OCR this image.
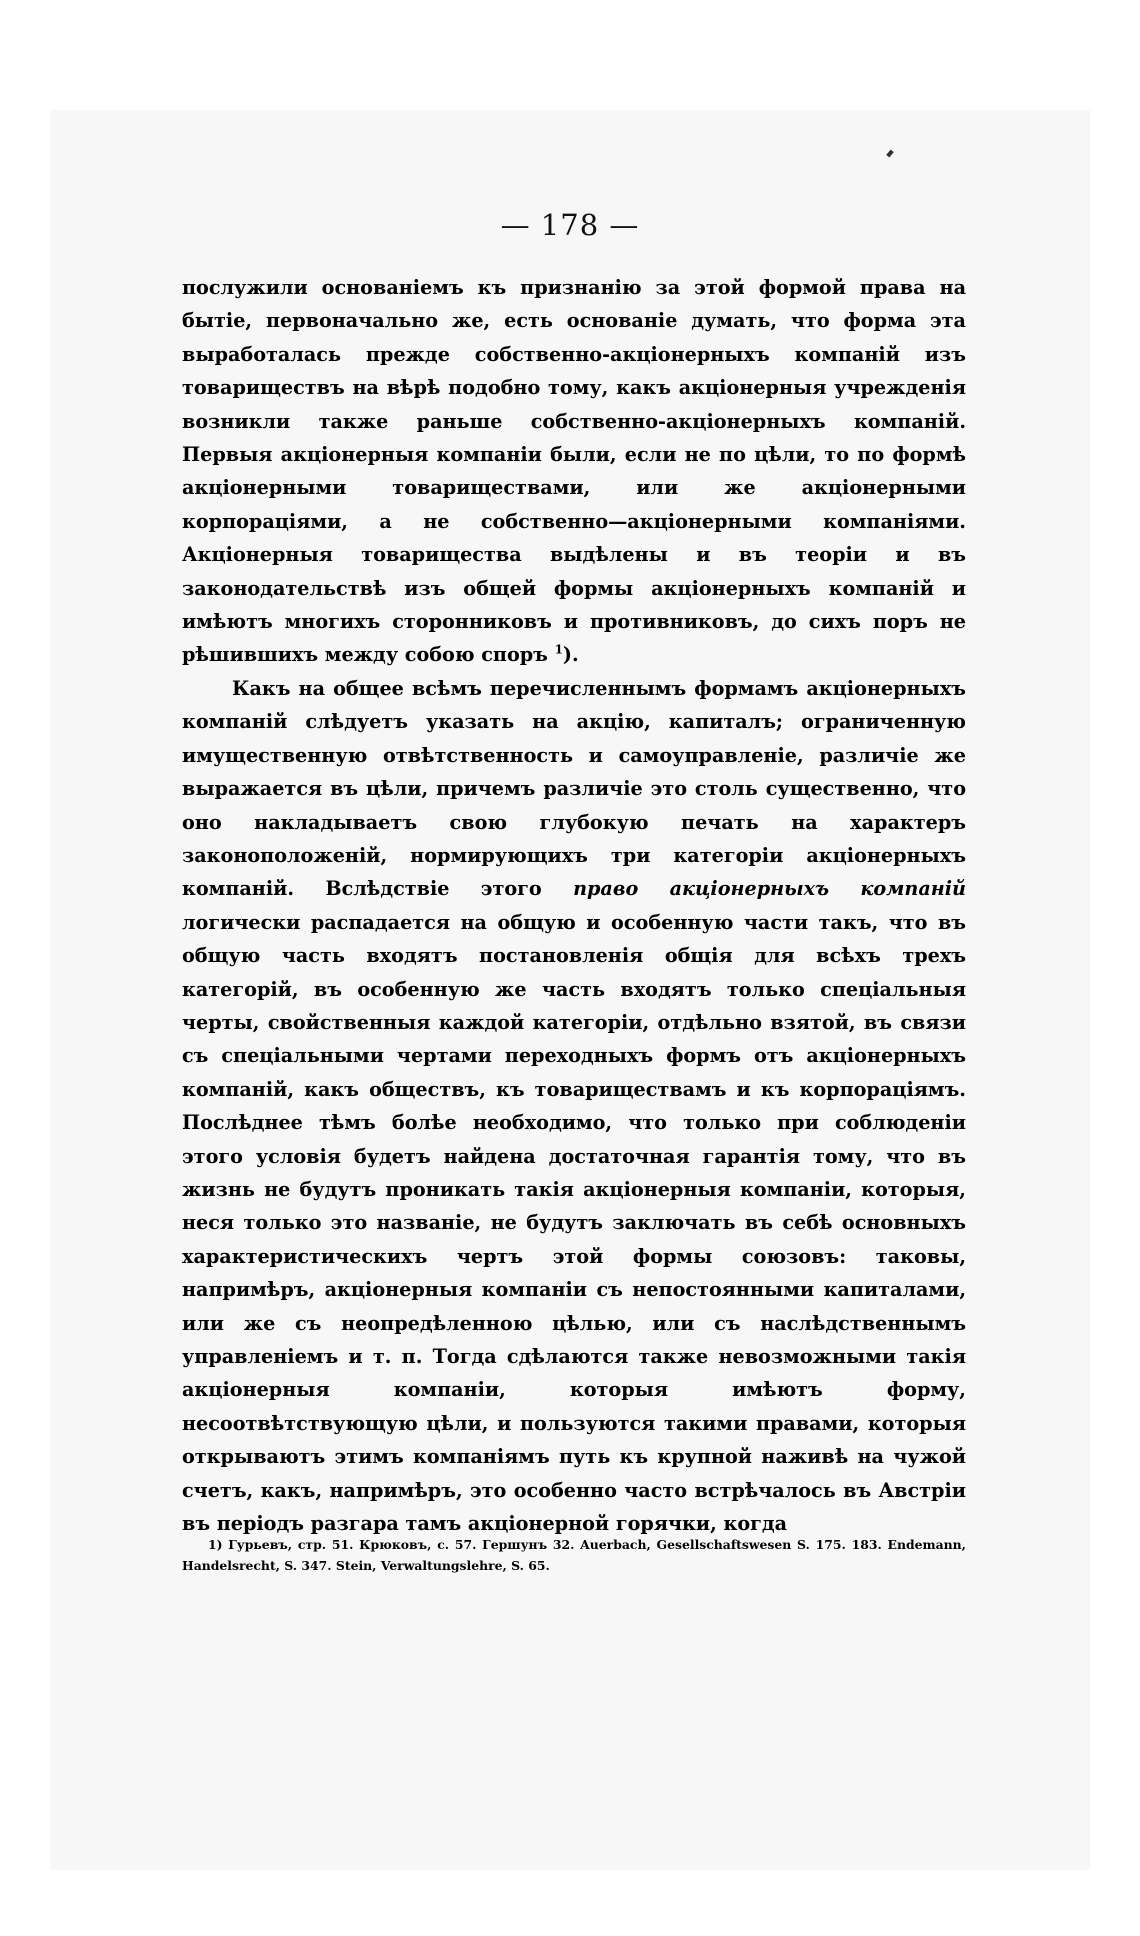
— 178 —

послужили основаніемъ къ признанію за этой формой права на бытіе, первоначально же, есть основаніе думать, что форма эта выработалась прежде собственно-акціонерныхъ компаній изъ товариществъ на вѣрѣ подобно тому, какъ акціонерныя учрежденія возникли также раньше собственно-акціонерныхъ компаній. Первыя акціонерныя компаніи были, если не по цѣли, то по формѣ акціонерными товариществами, или же акціонерными корпораціями, а не собственно—акціонерными компаніями. Акціонерныя товарищества выдѣлены и въ теоріи и въ законодательствѣ изъ общей формы акціонерныхъ компаній и имѣютъ многихъ сторонниковъ и противниковъ, до сихъ поръ не рѣшившихъ между собою споръ $^1$).

Какъ на общее всѣмъ перечисленнымъ формамъ акціонерныхъ компаній слѣдуетъ указать на акцію, капиталъ; ограниченную имущественную отвѣтственность и самоуправленіе, различіе же выражается въ цѣли, причемъ различіе это столь существенно, что оно накладываетъ свою глубокую печать на характеръ законоположеній, нормирующихъ три категоріи акціонерныхъ компаній. Вслѣдствіе этого право акціонерныхъ компаній логически распадается на общую и особенную части такъ, что въ общую часть входятъ постановленія общія для всѣхъ трехъ категорій, въ особенную же часть входятъ только спеціальныя черты, свойственныя каждой категоріи, отдѣльно взятой, въ связи съ спеціальными чертами переходныхъ формъ отъ акціонерныхъ компаній, какъ обществъ, къ товариществамъ и къ корпораціямъ. Послѣднее тѣмъ болѣе необходимо, что только при соблюденіи этого условія будетъ найдена достаточная гарантія тому, что въ жизнь не будутъ проникать такія акціонерныя компаніи, которыя, неся только это названіе, не будутъ заключать въ себѣ основныхъ характеристическихъ чертъ этой формы союзовъ: таковы, напримѣръ, акціонерныя компаніи съ непостоянными капиталами, или же съ неопредѣленною цѣлью, или съ наслѣдственнымъ управленіемъ и т. п. Тогда сдѣлаются также невозможными такія акціонерныя компаніи, которыя имѣютъ форму, несоотвѣтствующую цѣли, и пользуются такими правами, которыя открываютъ этимъ компаніямъ путь къ крупной наживѣ на чужой счетъ, какъ, напримѣръ, это особенно часто встрѣчалось въ Австріи въ періодъ разгара тамъ акціонерной горячки, когда

1) Гурьевъ, стр. 51. Крюковъ, с. 57. Гершунъ 32. Auerbach, Gesellschaftswesen S. 175. 183. Endemann, Handelsrecht, S. 347. Stein, Verwaltungslehre, S. 65.
